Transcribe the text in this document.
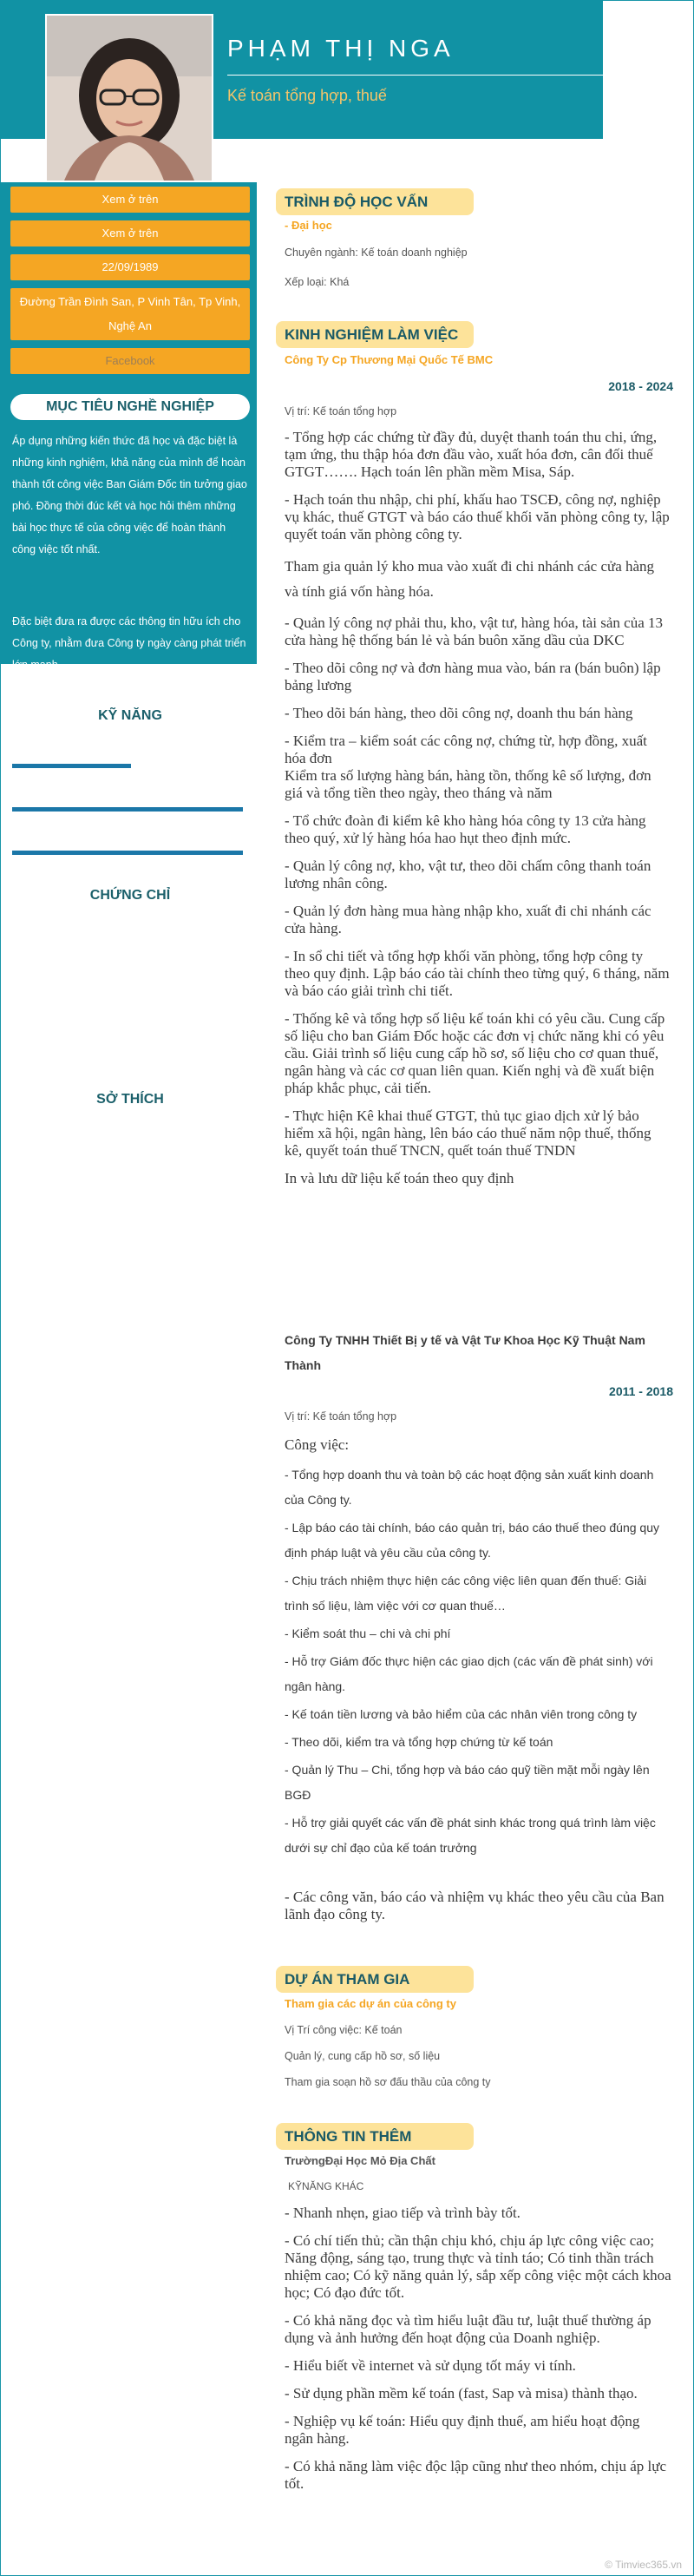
PHẠM THỊ NGA
Kế toán tổng hợp, thuế
Xem ở trên
Xem ở trên
22/09/1989
Đường Trần Đình San, P Vinh Tân, Tp Vinh, Nghệ An
Facebook
MỤC TIÊU NGHỀ NGHIỆP
Áp dụng những kiến thức đã học và đặc biệt là những kinh nghiệm, khả năng của mình để hoàn thành tốt công việc Ban Giám Đốc tin tưởng giao phó. Đồng thời đúc kết và học hỏi thêm những bài học thực tế của công việc để hoàn thành công việc tốt nhất.
Đặc biệt đưa ra được các thông tin hữu ích cho Công ty, nhằm đưa Công ty ngày càng phát triển lớn mạnh.
KỸ NĂNG
Tin học văn phòng
Làm việc theo nhóm
Lắng nghe, tiếp thu và học hỏi
CHỨNG CHỈ
- Chứng chỉ tin học ứng dụng trình độ B
- Chứng chỉ ngoại ngữ trình độ B
- Chứng chỉ nghiệp vụ khai báo thuế, cấp bởi Trường Đại học Kinh tế TP. Hồ Chí Minh, loại Giỏi.
SỞ THÍCH
Du lịch- Xem phim- Đọc sách- Gặp gỡ bạn bè- Nghe nhạc
TRÌNH ĐỘ HỌC VẤN
- Đại học
Chuyên ngành: Kế toán doanh nghiệp
Xếp loại: Khá
KINH NGHIỆM LÀM VIỆC
Công Ty Cp Thương Mại Quốc Tế BMC
2018 - 2024
Vị trí: Kế toán tổng hợp

- Tổng hợp các chứng từ đầy đủ, duyệt thanh toán thu chi, ứng, tạm ứng, thu thập hóa đơn đầu vào, xuất hóa đơn, cân đối thuế GTGT……. Hạch toán lên phần mềm Misa, Sáp.

- Hạch toán thu nhập, chi phí, khấu hao TSCĐ, công nợ, nghiệp vụ khác, thuế GTGT và báo cáo thuế khối văn phòng công ty, lập quyết toán văn phòng công ty.

Tham gia quản lý kho mua vào xuất đi chi nhánh các cửa hàng và tính giá vốn hàng hóa.

- Quản lý công nợ phải thu, kho, vật tư, hàng hóa, tài sản của 13 cửa hàng hệ thống bán lẻ và bán buôn xăng dầu của DKC

- Theo dõi công nợ và đơn hàng mua vào, bán ra (bán buôn) lập bảng lương

- Theo dõi bán hàng, theo dõi công nợ, doanh thu bán hàng

- Kiểm tra – kiểm soát các công nợ, chứng từ, hợp đồng, xuất hóa đơn
Kiểm tra số lượng hàng bán, hàng tồn, thống kê số lượng, đơn giá và tổng tiền theo ngày, theo tháng và năm

- Tổ chức đoàn đi kiểm kê kho hàng hóa công ty 13 cửa hàng theo quý, xử lý hàng hóa hao hụt theo định mức.

- Quản lý công nợ, kho, vật tư, theo dõi chấm công thanh toán lương nhân công.

- Quản lý đơn hàng mua hàng nhập kho, xuất đi chi nhánh các cửa hàng.

- In sổ chi tiết và tổng hợp khối văn phòng, tổng hợp công ty theo quy định. Lập báo cáo tài chính theo từng quý, 6 tháng, năm và báo cáo giải trình chi tiết.

- Thống kê và tổng hợp số liệu kế toán khi có yêu cầu. Cung cấp số liệu cho ban Giám Đốc hoặc các đơn vị chức năng khi có yêu cầu. Giải trình số liệu cung cấp hồ sơ, số liệu cho cơ quan thuế, ngân hàng và các cơ quan liên quan. Kiến nghị và đề xuất biện pháp khắc phục, cải tiến.

- Thực hiện Kê khai thuế GTGT, thủ tục giao dịch xử lý bảo hiểm xã hội, ngân hàng, lên báo cáo thuế năm nộp thuế, thống kê, quyết toán thuế TNCN, quết toán thuế TNDN

In và lưu dữ liệu kế toán theo quy định

Công Ty TNHH Thiết Bị y tế và Vật Tư Khoa Học Kỹ Thuật Nam Thành
2011 - 2018
Vị trí: Kế toán tổng hợp
Công việc:

- Tổng hợp doanh thu và toàn bộ các hoạt động sản xuất kinh doanh của Công ty.

- Lập báo cáo tài chính, báo cáo quản trị, báo cáo thuế theo đúng quy định pháp luật và yêu cầu của công ty.

- Chịu trách nhiệm thực hiện các công việc liên quan đến thuế: Giải trình số liệu, làm việc với cơ quan thuế…

- Kiểm soát thu – chi và chi phí

- Hỗ trợ Giám đốc thực hiện các giao dịch (các vấn đề phát sinh) với ngân hàng.

- Kế toán tiền lương và bảo hiểm của các nhân viên trong công ty

- Theo dõi, kiểm tra và tổng hợp chứng từ kế toán

- Quản lý Thu – Chi, tổng hợp và báo cáo quỹ tiền mặt mỗi ngày lên BGĐ

- Hỗ trợ giải quyết các vấn đề phát sinh khác trong quá trình làm việc dưới sự chỉ đạo của kế toán trưởng

- Các công văn, báo cáo và nhiệm vụ khác theo yêu cầu của Ban lãnh đạo công ty.
DỰ ÁN THAM GIA
Tham gia các dự án của công ty
Vị Trí công việc: Kế toán
Quản lý, cung cấp hồ sơ, số liệu
Tham gia soạn hồ sơ đấu thầu của công ty
THÔNG TIN THÊM
TrườngĐại Học Mỏ Địa Chất
KỸNĂNG KHÁC

- Nhanh nhẹn, giao tiếp và trình bày tốt.

- Có chí tiến thủ; cần thận chịu khó, chịu áp lực công việc cao; Năng động, sáng tạo, trung thực và tỉnh táo; Có tinh thần trách nhiệm cao; Có kỹ năng quản lý, sắp xếp công việc một cách khoa học; Có đạo đức tốt.

- Có khả năng đọc và tìm hiểu luật đầu tư, luật thuế thường áp dụng và ảnh hưởng đến hoạt động của Doanh nghiệp.

- Hiểu biết về internet và sử dụng tốt máy vi tính.

- Sử dụng phần mềm kế toán (fast, Sap và misa) thành thạo.

- Nghiệp vụ kế toán: Hiểu quy định thuế, am hiểu hoạt động ngân hàng.

- Có khả năng làm việc độc lập cũng như theo nhóm, chịu áp lực tốt.

© Timviec365.vn
